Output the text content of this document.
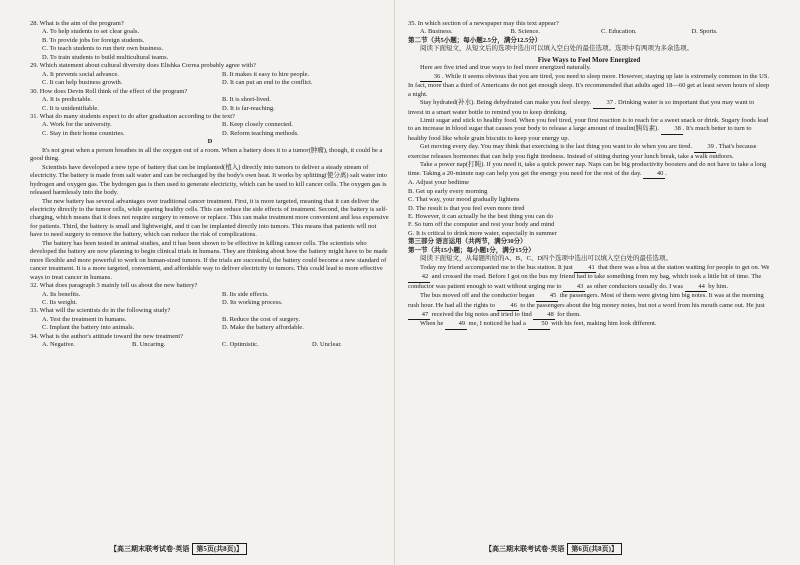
28. What is the aim of the program?

A. To help students to set clear goals.

B. To provide jobs for foreign students.

C. To teach students to run their own business.

D. To train students to build multicultural teams.

29. Which statement about cultural diversity does Elishka Correa probably agree with?

A. It prevents social advance.	B. It makes it easy to hire people.
C. It can help business growth.	D. It can put an end to the conflict.

30. How does Devin Roll think of the effect of the program?

A. It is predictable.	B. It is short-lived.
C. It is unidentifiable.	D. It is far-reaching.

31. What do many students expect to do after graduation according to the text?

A. Work for the university.	B. Keep closely connected.
C. Stay in their home countries.	D. Reform teaching methods.

D

It's not great when a person breathes in all the oxygen out of a room. When a battery does it to a tumor(肿瘤), though, it could be a good thing.

Scientists have developed a new type of battery that can be implanted(植入) directly into tumors to deliver a steady stream of electricity. The battery is made from salt water and can be recharged by the body's own heat. It works by splitting(使分离) salt water into hydrogen and oxygen gas. The hydrogen gas is then used to generate electricity, which can be used to kill cancer cells. The oxygen gas is released harmlessly into the body.

The new battery has several advantages over traditional cancer treatment. First, it is more targeted, meaning that it can deliver the electricity directly to the tumor cells, while sparing healthy cells. This can reduce the side effects of treatment. Second, the battery is self-charging, which means that it does not require surgery to remove or replace. This can make treatment more convenient and less expensive for patients. Third, the battery is small and lightweight, and it can be implanted directly into tumors. This means that patients will not have to need surgery to remove the battery, which can reduce the risk of complications.

The battery has been tested in animal studies, and it has been shown to be effective in killing cancer cells. The scientists who developed the battery are now planning to begin clinical trials in humans. They are thinking about how the battery might have to be made more flexible and more powerful to work on human-sized tumors. If the trials are successful, the battery could become a new standard of cancer treatment. It is a more targeted, convenient, and affordable way to deliver electricity to tumors. This could lead to more effective ways to treat cancer in humans.

32. What does paragraph 3 mainly tell us about the new battery?

A. Its benefits.	B. Its side effects.
C. Its weight.	D. Its working process.

33. What will the scientists do in the following study?

A. Test the treatment in humans.	B. Reduce the cost of surgery.
C. Implant the battery into animals.	D. Make the battery affordable.

34. What is the author's attitude toward the new treatment?

A. Negative.	B. Uncaring.	C. Optimistic.	D. Unclear.
【高三期末联考试卷·英语	第5页(共8页)】

35. In which section of a newspaper may this text appear?

A. Business.	B. Science.	C. Education.	D. Sports.

第二节（共5小题；每小题2.5分，满分12.5分）

阅读下面短文，从短文后的选项中选出可以填入空白处的最佳选项。选项中有两项为多余选项。

Five Ways to Feel More Energized

Here are five tried and true ways to feel more energized naturally.

36 . While it seems obvious that you are tired, you need to sleep more. However, staying up late is extremely common in the US. In fact, more than a third of Americans do not get enough sleep. It's recommended that adults aged 18—60 get at least seven hours of sleep a night.

Stay hydrated(补水). Being dehydrated can make you feel sleepy. 37 . Drinking water is so important that you may want to invest in a smart water bottle to remind you to keep drinking.

Limit sugar and stick to healthy food. When you feel tired, your first reaction is to reach for a sweet snack or drink. Sugary foods lead to an increase in blood sugar that causes your body to release a large amount of insulin(胰岛素). 38 . It's much better to turn to healthy food like whole grain biscuits to keep your energy up.

Get moving every day. You may think that exercising is the last thing you want to do when you are tired. 39 . That's because exercise releases hormones that can help you fight tiredness. Instead of sitting during your lunch break, take a walk outdoors.

Take a power nap(打盹). If you need it, take a quick power nap. Naps can be big productivity boosters and do not have to take a long time. Taking a 20-minute nap can help you get the energy you need for the rest of the day. 40 .

A. Adjust your bedtime

B. Get up early every morning

C. That way, your mood gradually lightens

D. The result is that you feel even more tired

E. However, it can actually be the best thing you can do

F. So turn off the computer and rest your body and mind

G. It is critical to drink more water, especially in summer

第三部分 语言运用（共两节，满分30分）

第一节（共15小题；每小题1分，满分15分）

阅读下面短文，从每题所给的A、B、C、D四个选项中选出可以填入空白处的最佳选项。

Today my friend accompanied me to the bus station. It just 41 that there was a bus at the station waiting for people to get on. We 42 and crossed the road. Before I got on the bus my friend had to take something from my bag, which took a little bit of time. The conductor was patient enough to wait without urging me to 43 as other conductors usually do. I was 44 by him.

The bus moved off and the conductor began 45 the passengers. Most of them were giving him big notes. It was at the morning rush hour. He had all the rights to 46 to the passengers about the big money notes, but not a word from his mouth came out. He just 47 received the big notes and tried to find 48 for them.

When he 49 me, I noticed he had a 50 with his feet, making him look different.

【高三期末联考试卷·英语	第6页(共8页)】
